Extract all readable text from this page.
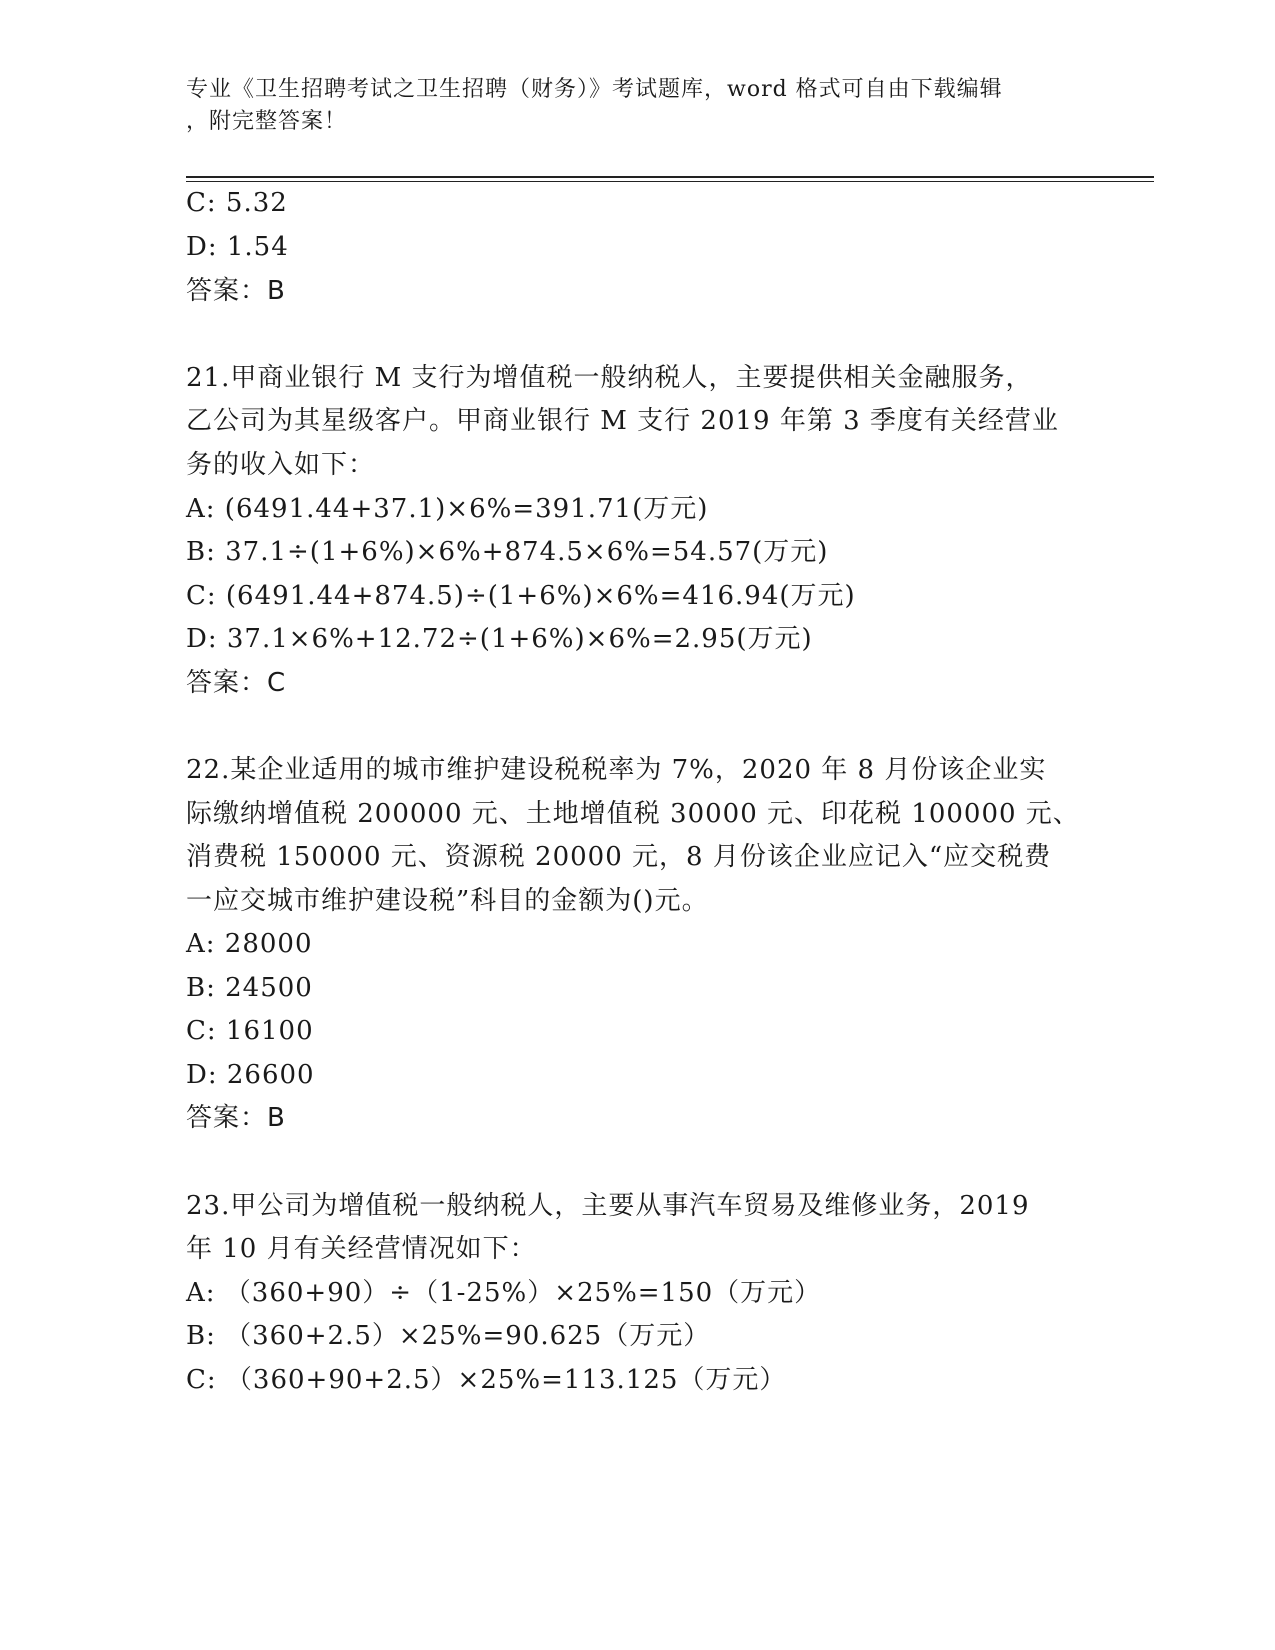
专业《卫生招聘考试之卫生招聘（财务）》考试题库，word 格式可自由下载编辑
，附完整答案！
C: 5.32
D: 1.54
答案：B
21.甲商业银行 M 支行为增值税一般纳税人，主要提供相关金融服务，
乙公司为其星级客户。甲商业银行 M 支行 2019 年第 3 季度有关经营业
务的收入如下：
A: (6491.44+37.1)×6%=391.71(万元)
B: 37.1÷(1+6%)×6%+874.5×6%=54.57(万元)
C: (6491.44+874.5)÷(1+6%)×6%=416.94(万元)
D: 37.1×6%+12.72÷(1+6%)×6%=2.95(万元)
答案：C
22.某企业适用的城市维护建设税税率为 7%，2020 年 8 月份该企业实
际缴纳增值税 200000 元、土地增值税 30000 元、印花税 100000 元、
消费税 150000 元、资源税 20000 元，8 月份该企业应记入“应交税费
一应交城市维护建设税”科目的金额为()元。
A: 28000
B: 24500
C: 16100
D: 26600
答案：B
23.甲公司为增值税一般纳税人，主要从事汽车贸易及维修业务，2019
年 10 月有关经营情况如下：
A: （360+90）÷（1-25%）×25%=150（万元）
B: （360+2.5）×25%=90.625（万元）
C: （360+90+2.5）×25%=113.125（万元）
